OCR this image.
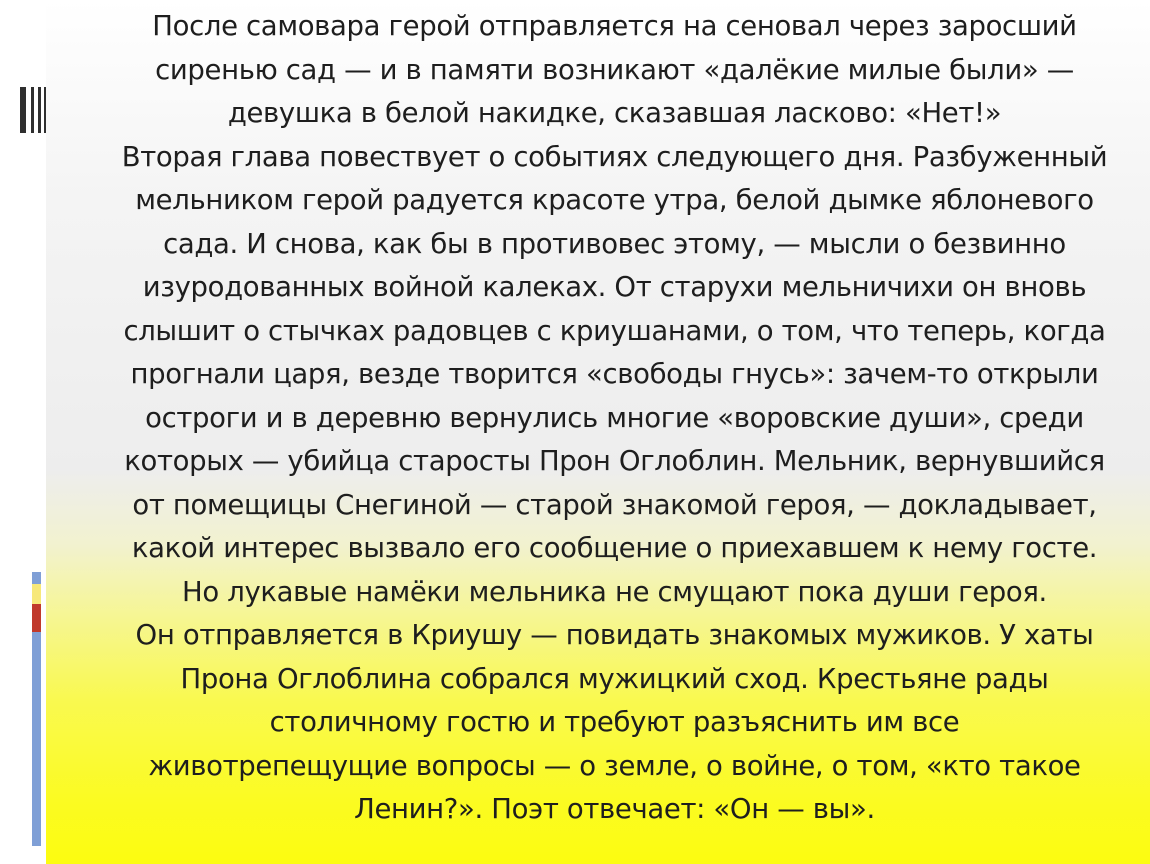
После самовара герой отправляется на сеновал через заросший
сиренью сад — и в памяти возникают «далёкие милые были» —
девушка в белой накидке, сказавшая ласково: «Нет!»
Вторая глава повествует о событиях следующего дня. Разбуженный
мельником герой радуется красоте утра, белой дымке яблоневого
сада. И снова, как бы в противовес этому, — мысли о безвинно
изуродованных войной калеках. От старухи мельничихи он вновь
слышит о стычках радовцев с криушанами, о том, что теперь, когда
прогнали царя, везде творится «свободы гнусь»: зачем-то открыли
остроги и в деревню вернулись многие «воровские души», среди
которых — убийца старосты Прон Оглоблин. Мельник, вернувшийся
от помещицы Снегиной — старой знакомой героя, — докладывает,
какой интерес вызвало его сообщение о приехавшем к нему госте.
Но лукавые намёки мельника не смущают пока души героя.
Он отправляется в Криушу — повидать знакомых мужиков. У хаты
Прона Оглоблина собрался мужицкий сход. Крестьяне рады
столичному гостю и требуют разъяснить им все
животрепещущие вопросы — о земле, о войне, о том, «кто такое
Ленин?». Поэт отвечает: «Он — вы».
